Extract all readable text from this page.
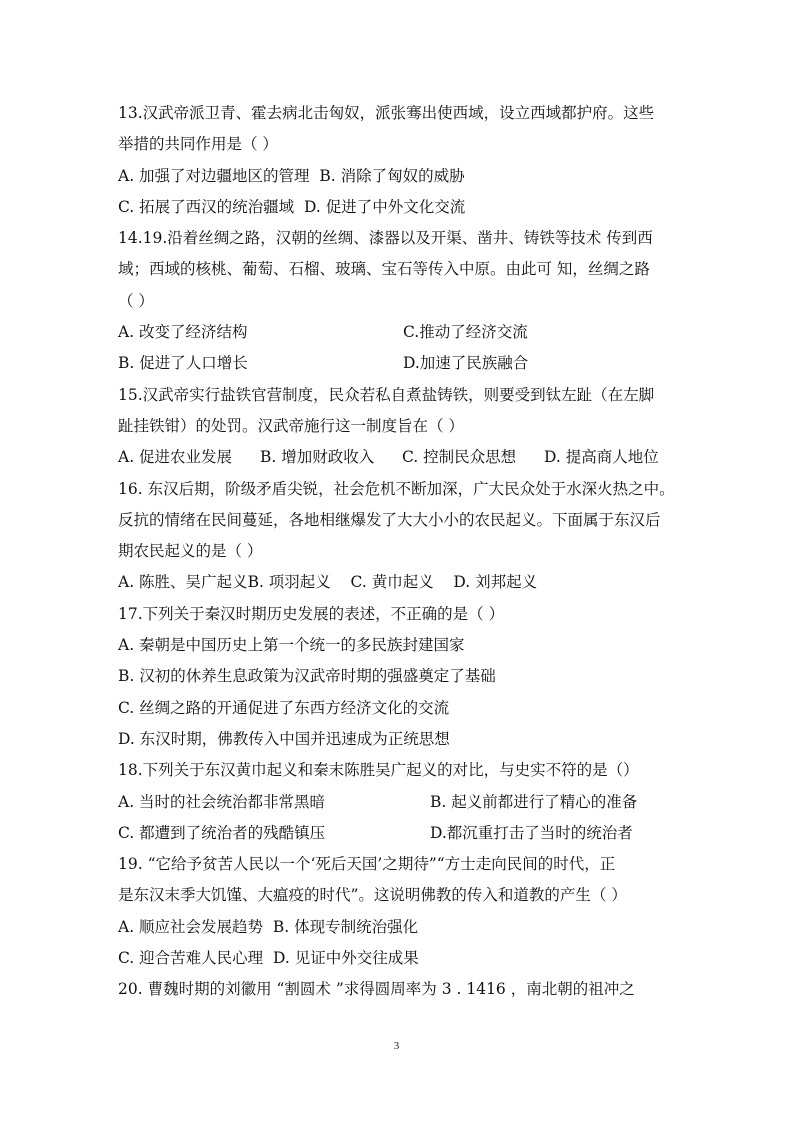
13.汉武帝派卫青、霍去病北击匈奴，派张骞出使西域，设立西域都护府。这些
举措的共同作用是（ ）
A. 加强了对边疆地区的管理 B. 消除了匈奴的威胁
C. 拓展了西汉的统治疆域 D. 促进了中外文化交流
14.19.沿着丝绸之路，汉朝的丝绸、漆器以及开渠、凿井、铸铁等技术 传到西
域；西域的核桃、葡萄、石榴、玻璃、宝石等传入中原。由此可 知，丝绸之路
（ ）
A. 改变了经济结构	C.推动了经济交流
B. 促进了人口增长	D.加速了民族融合
15.汉武帝实行盐铁官营制度，民众若私自煮盐铸铁，则要受到钛左趾（在左脚
趾挂铁钳）的处罚。汉武帝施行这一制度旨在（ ）
A. 促进农业发展 B. 增加财政收入 C. 控制民众思想 D. 提高商人地位
16. 东汉后期，阶级矛盾尖锐，社会危机不断加深，广大民众处于水深火热之中。
反抗的情绪在民间蔓延，各地相继爆发了大大小小的农民起义。下面属于东汉后
期农民起义的是（ ）
A. 陈胜、吴广起义B. 项羽起义 C. 黄巾起义 D. 刘邦起义
17.下列关于秦汉时期历史发展的表述，不正确的是（ ）
A. 秦朝是中国历史上第一个统一的多民族封建国家
B. 汉初的休养生息政策为汉武帝时期的强盛奠定了基础
C. 丝绸之路的开通促进了东西方经济文化的交流
D. 东汉时期，佛教传入中国并迅速成为正统思想
18.下列关于东汉黄巾起义和秦末陈胜吴广起义的对比，与史实不符的是（）
A. 当时的社会统治都非常黑暗	B. 起义前都进行了精心的准备
C. 都遭到了统治者的残酷镇压	D.都沉重打击了当时的统治者
19. “它给予贫苦人民以一个‘死后天国’之期待”“方士走向民间的时代，正
是东汉末季大饥馑、大瘟疫的时代”。这说明佛教的传入和道教的产生（ ）
A. 顺应社会发展趋势 B. 体现专制统治强化
C. 迎合苦难人民心理 D. 见证中外交往成果
20. 曹魏时期的刘徽用 “割圆术 ”求得圆周率为 3 . 1416 ，南北朝的祖冲之
3
